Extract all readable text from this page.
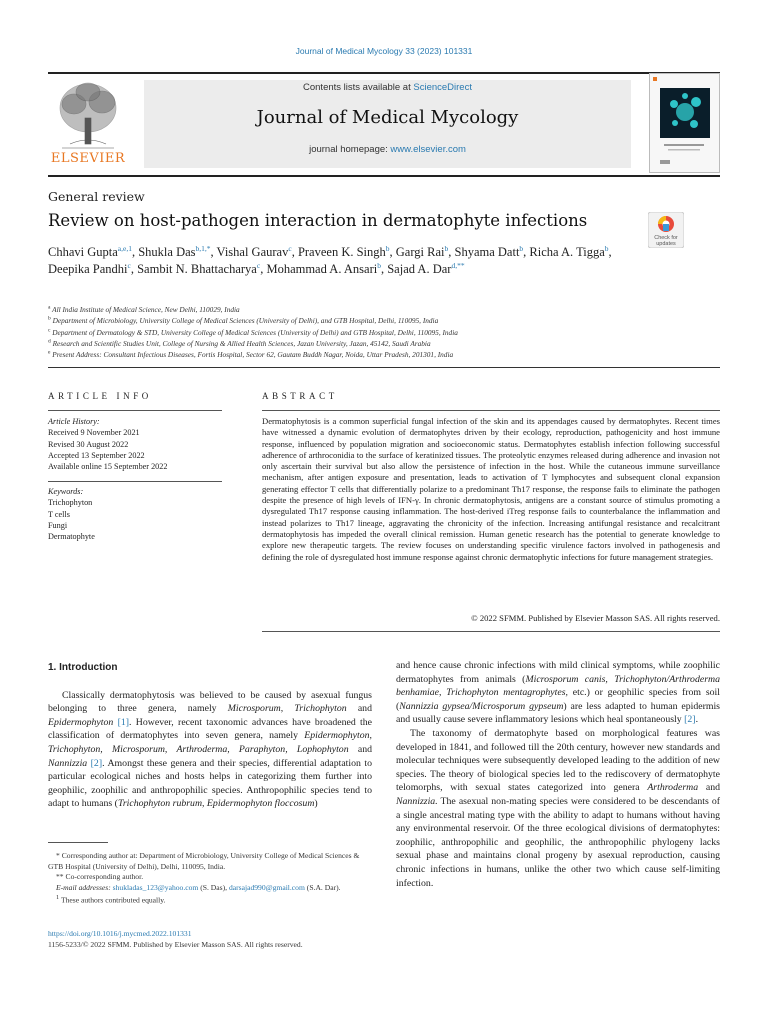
Journal of Medical Mycology 33 (2023) 101331
ELSEVIER
Contents lists available at ScienceDirect
Journal of Medical Mycology
journal homepage: www.elsevier.com
General review
Review on host-pathogen interaction in dermatophyte infections
Check for updates
Chhavi Gupta$^{a,e,1}$, Shukla Das$^{b,1,*}$, Vishal Gaurav$^c$, Praveen K. Singh$^b$, Gargi Rai$^b$, Shyama Datt$^b$, Richa A. Tigga$^b$, Deepika Pandhi$^c$, Sambit N. Bhattacharya$^c$, Mohammad A. Ansari$^b$, Sajad A. Dar$^{d,**}$
$^a$ All India Institute of Medical Science, New Delhi, 110029, India
$^b$ Department of Microbiology, University College of Medical Sciences (University of Delhi), and GTB Hospital, Delhi, 110095, India
$^c$ Department of Dermatology & STD, University College of Medical Sciences (University of Delhi) and GTB Hospital, Delhi, 110095, India
$^d$ Research and Scientific Studies Unit, College of Nursing & Allied Health Sciences, Jazan University, Jazan, 45142, Saudi Arabia
$^e$ Present Address: Consultant Infectious Diseases, Fortis Hospital, Sector 62, Gautam Buddh Nagar, Noida, Uttar Pradesh, 201301, India
ARTICLE INFO	ABSTRACT
Article History:
Received 9 November 2021
Revised 30 August 2022
Accepted 13 September 2022
Available online 15 September 2022
Keywords:
Trichophyton
T cells
Fungi
Dermatophyte
Dermatophytosis is a common superficial fungal infection of the skin and its appendages caused by dermatophytes. Recent times have witnessed a dynamic evolution of dermatophytes driven by their ecology, reproduction, pathogenicity and host immune response, influenced by population migration and socioeconomic status. Dermatophytes establish infection following successful adherence of arthroconidia to the surface of keratinized tissues. The proteolytic enzymes released during adherence and invasion not only ascertain their survival but also allow the persistence of infection in the host. While the cutaneous immune surveillance mechanism, after antigen exposure and presentation, leads to activation of T lymphocytes and subsequent clonal expansion generating effector T cells that differentially polarize to a predominant Th17 response, the response fails to eliminate the pathogen despite the presence of high levels of IFN-γ. In chronic dermatophytosis, antigens are a constant source of stimulus promoting a dysregulated Th17 response causing inflammation. The host-derived iTreg response fails to counterbalance the inflammation and instead polarizes to Th17 lineage, aggravating the chronicity of the infection. Increasing antifungal resistance and recalcitrant dermatophytosis has impeded the overall clinical remission. Human genetic research has the potential to generate knowledge to explore new therapeutic targets. The review focuses on understanding specific virulence factors involved in pathogenesis and defining the role of dysregulated host immune response against chronic dermatophytic infections for future management strategies.
© 2022 SFMM. Published by Elsevier Masson SAS. All rights reserved.
1. Introduction

Classically dermatophytosis was believed to be caused by asexual fungus belonging to three genera, namely Microsporum, Trichophyton and Epidermophyton [1]. However, recent taxonomic advances have broadened the classification of dermatophytes into seven genera, namely Epidermophyton, Trichophyton, Microsporum, Arthroderma, Paraphyton, Lophophyton and Nannizzia [2]. Amongst these genera and their species, differential adaptation to particular ecological niches and hosts helps in categorizing them further into geophilic, zoophilic and anthropophilic species. Anthropophilic species tend to adapt to humans (Trichophyton rubrum, Epidermophyton floccosum)

and hence cause chronic infections with mild clinical symptoms, while zoophilic dermatophytes from animals (Microsporum canis, Trichophyton/Arthroderma benhamiae, Trichophyton mentagrophytes, etc.) or geophilic species from soil (Nannizzia gypsea/Microsporum gypseum) are less adapted to human epidermis and usually cause severe inflammatory lesions which heal spontaneously [2].

The taxonomy of dermatophyte based on morphological features was developed in 1841, and followed till the 20th century, however new standards and molecular techniques were subsequently developed leading to the addition of new species. The theory of biological species led to the rediscovery of dermatophyte telomorphs, with sexual states categorized into genera Arthroderma and Nannizzia. The asexual non-mating species were considered to be descendants of a single ancestral mating type with the ability to adapt to humans without having any environmental reservoir. Of the three ecological divisions of dermatophytes: zoophilic, anthropophilic and geophilic, the anthropophilic phylogeny lacks sexual phase and maintains clonal progeny by asexual reproduction, causing chronic infections in humans, unlike the other two which cause self-limiting infection.

* Corresponding author at: Department of Microbiology, University College of Medical Sciences & GTB Hospital (University of Delhi), Delhi, 110095, India.
** Co-corresponding author.
E-mail addresses: shukladas_123@yahoo.com (S. Das), darsajad990@gmail.com (S.A. Dar).
$^1$ These authors contributed equally.
https://doi.org/10.1016/j.mycmed.2022.101331
1156-5233/© 2022 SFMM. Published by Elsevier Masson SAS. All rights reserved.
